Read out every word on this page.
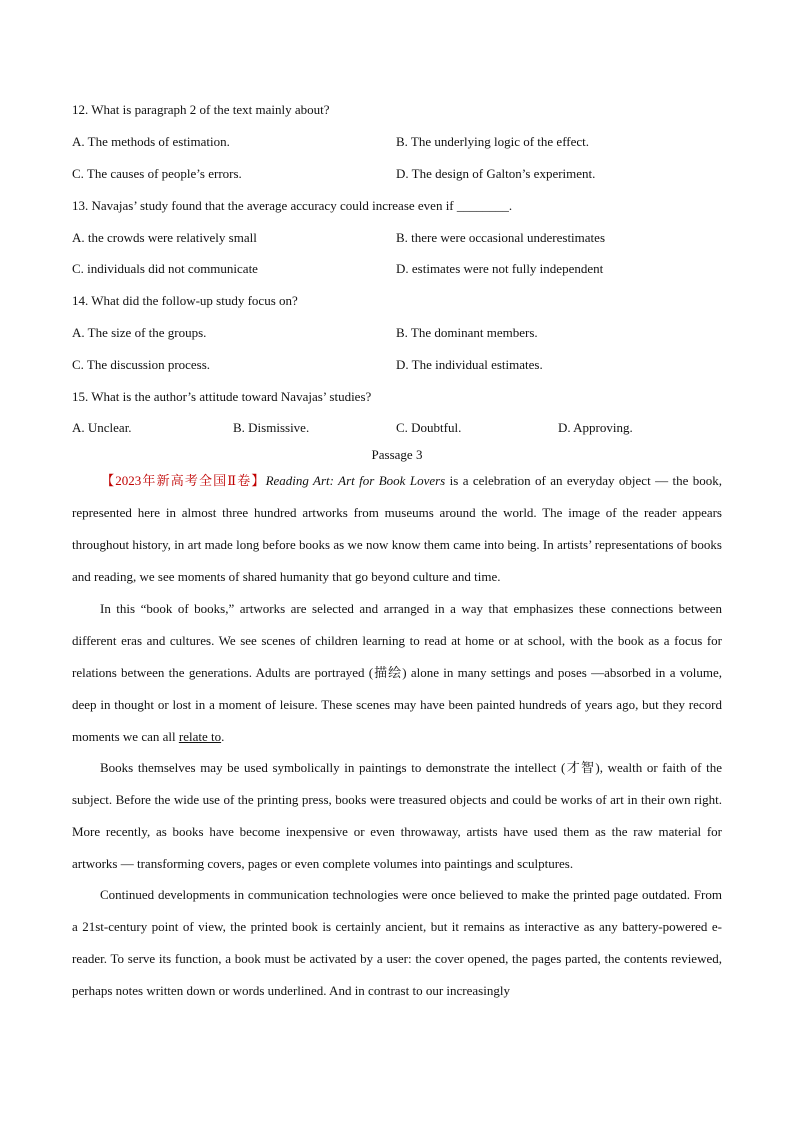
12. What is paragraph 2 of the text mainly about?
A. The methods of estimation.	B. The underlying logic of the effect.
C. The causes of people’s errors.	D. The design of Galton’s experiment.
13. Navajas’ study found that the average accuracy could increase even if ________.
A. the crowds were relatively small	B. there were occasional underestimates
C. individuals did not communicate	D. estimates were not fully independent
14. What did the follow-up study focus on?
A. The size of the groups.	B. The dominant members.
C. The discussion process.	D. The individual estimates.
15. What is the author’s attitude toward Navajas’ studies?
A. Unclear.	B. Dismissive.	C. Doubtful.	D. Approving.
Passage 3
【2023年新高考全国Ⅱ卷】Reading Art: Art for Book Lovers is a celebration of an everyday object — the book, represented here in almost three hundred artworks from museums around the world. The image of the reader appears throughout history, in art made long before books as we now know them came into being. In artists’ representations of books and reading, we see moments of shared humanity that go beyond culture and time.
In this “book of books,” artworks are selected and arranged in a way that emphasizes these connections between different eras and cultures. We see scenes of children learning to read at home or at school, with the book as a focus for relations between the generations. Adults are portrayed (描绘) alone in many settings and poses —absorbed in a volume, deep in thought or lost in a moment of leisure. These scenes may have been painted hundreds of years ago, but they record moments we can all relate to.
Books themselves may be used symbolically in paintings to demonstrate the intellect (才智), wealth or faith of the subject. Before the wide use of the printing press, books were treasured objects and could be works of art in their own right. More recently, as books have become inexpensive or even throwaway, artists have used them as the raw material for artworks — transforming covers, pages or even complete volumes into paintings and sculptures.
Continued developments in communication technologies were once believed to make the printed page outdated. From a 21st-century point of view, the printed book is certainly ancient, but it remains as interactive as any battery-powered e-reader. To serve its function, a book must be activated by a user: the cover opened, the pages parted, the contents reviewed, perhaps notes written down or words underlined. And in contrast to our increasingly
